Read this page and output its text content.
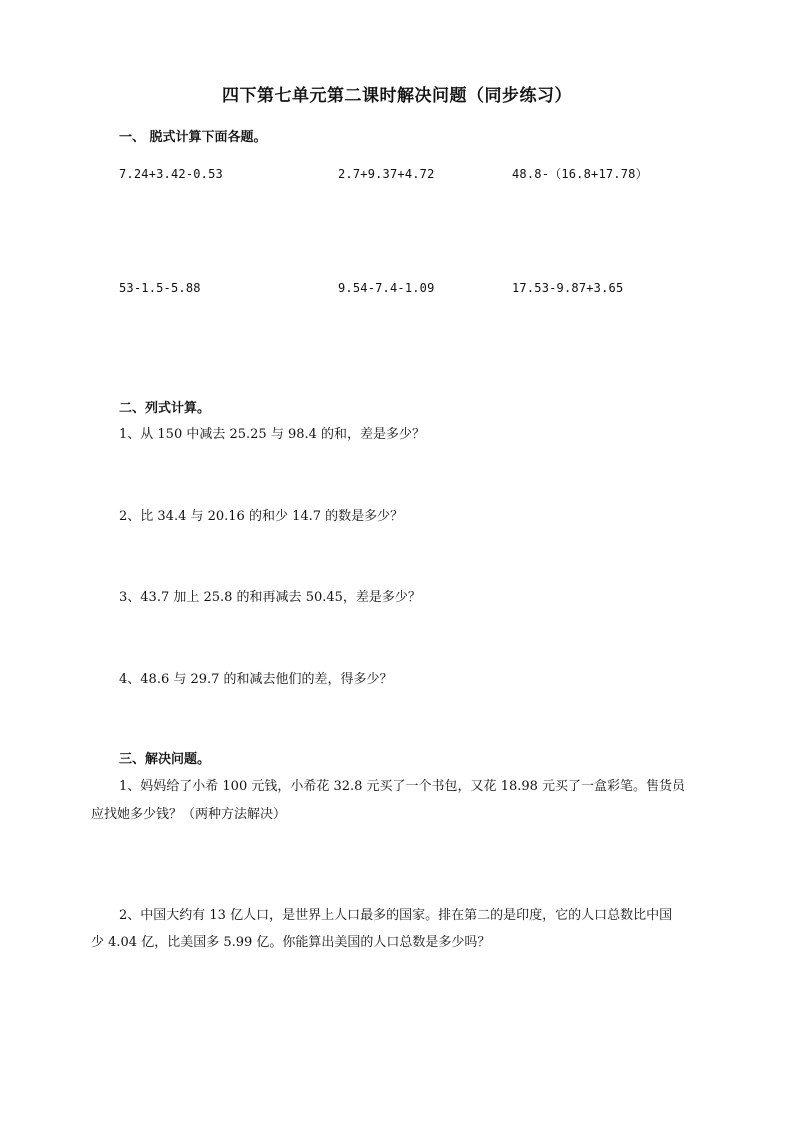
四下第七单元第二课时解决问题（同步练习）
一、 脱式计算下面各题。
7.24+3.42-0.53	2.7+9.37+4.72	48.8-（16.8+17.78）
53-1.5-5.88	9.54-7.4-1.09	17.53-9.87+3.65
二、列式计算。
1、从 150 中减去 25.25 与 98.4 的和，差是多少？
2、比 34.4 与 20.16 的和少 14.7 的数是多少？
3、43.7 加上 25.8 的和再减去 50.45，差是多少？
4、48.6 与 29.7 的和减去他们的差，得多少？
三、解决问题。
1、妈妈给了小希 100 元钱，小希花 32.8 元买了一个书包，又花 18.98 元买了一盒彩笔。售货员
应找她多少钱？（两种方法解决）
2、中国大约有 13 亿人口，是世界上人口最多的国家。排在第二的是印度，它的人口总数比中国
少 4.04 亿，比美国多 5.99 亿。你能算出美国的人口总数是多少吗？
